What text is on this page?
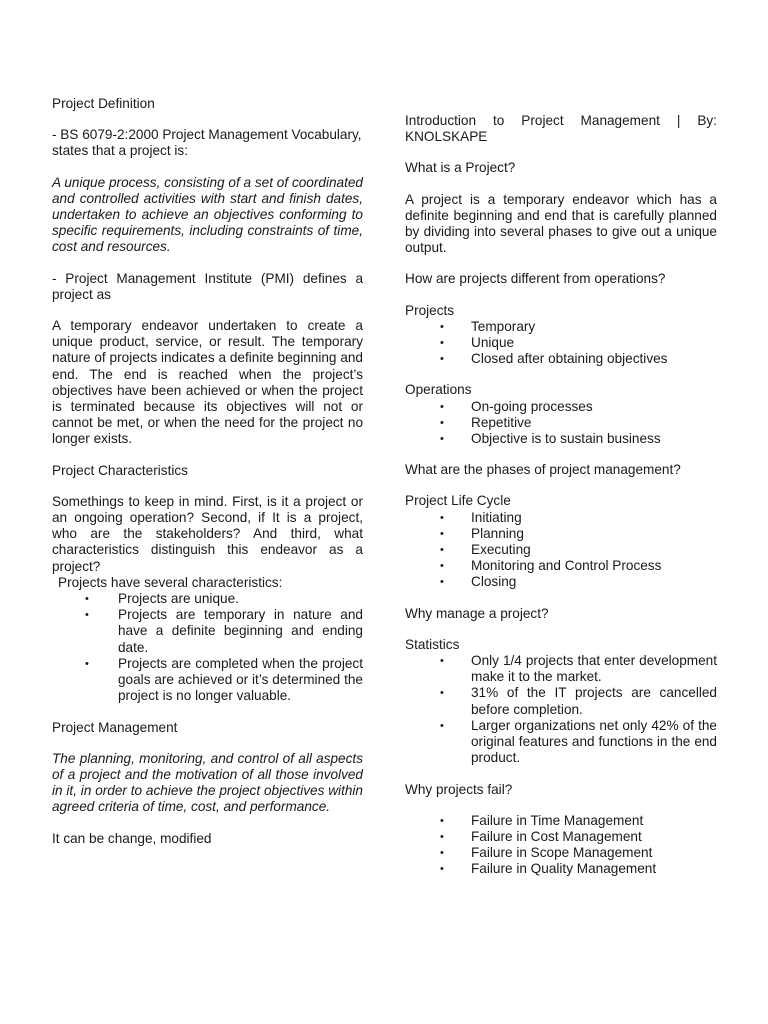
Project Definition

- BS 6079-2:2000 Project Management Vocabulary, states that a project is:

A unique process, consisting of a set of coordinated and controlled activities with start and finish dates, undertaken to achieve an objectives conforming to specific requirements, including constraints of time, cost and resources.

- Project Management Institute (PMI) defines a project as

A temporary endeavor undertaken to create a unique product, service, or result. The temporary nature of projects indicates a definite beginning and end. The end is reached when the project’s objectives have been achieved or when the project is terminated because its objectives will not or cannot be met, or when the need for the project no longer exists.

Project Characteristics

Somethings to keep in mind. First, is it a project or an ongoing operation? Second, if It is a project, who are the stakeholders? And third, what characteristics distinguish this endeavor as a project?

Projects have several characteristics:

• Projects are unique.
• Projects are temporary in nature and have a definite beginning and ending date.
• Projects are completed when the project goals are achieved or it’s determined the project is no longer valuable.

Project Management

The planning, monitoring, and control of all aspects of a project and the motivation of all those involved in it, in order to achieve the project objectives within agreed criteria of time, cost, and performance.

It can be change, modified

Introduction to Project Management | By: KNOLSKAPE

What is a Project?

A project is a temporary endeavor which has a definite beginning and end that is carefully planned by dividing into several phases to give out a unique output.

How are projects different from operations?

Projects

• Temporary
• Unique
• Closed after obtaining objectives

Operations

• On-going processes
• Repetitive
• Objective is to sustain business

What are the phases of project management?

Project Life Cycle

• Initiating
• Planning
• Executing
• Monitoring and Control Process
• Closing

Why manage a project?

Statistics

• Only 1/4 projects that enter development make it to the market.
• 31% of the IT projects are cancelled before completion.
• Larger organizations net only 42% of the original features and functions in the end product.

Why projects fail?

• Failure in Time Management
• Failure in Cost Management
• Failure in Scope Management
• Failure in Quality Management
